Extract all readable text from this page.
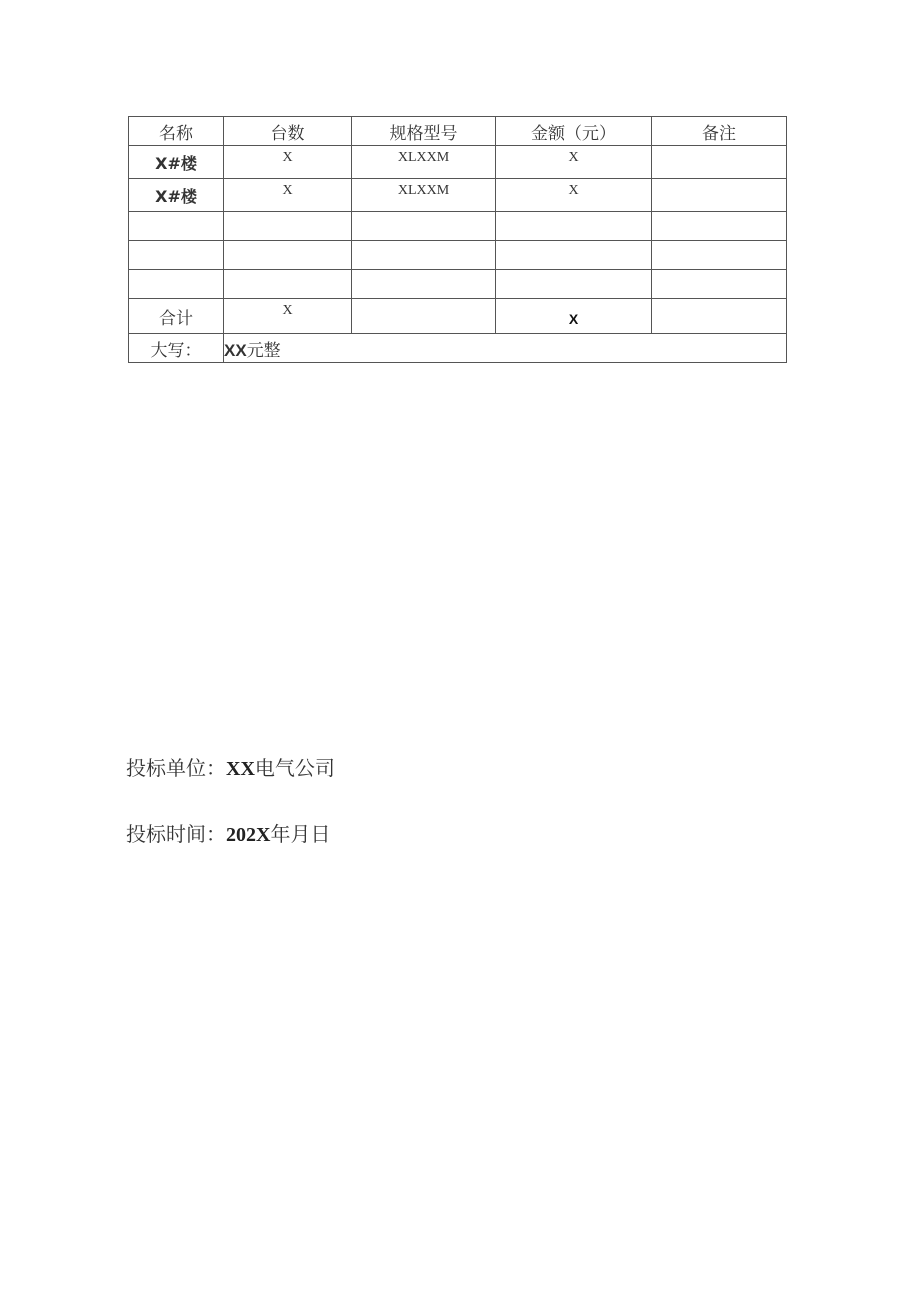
名称	台数	规格型号	金额（元）	备注
X#楼	X	XLXXM	X	
X#楼	X	XLXXM	X	

合计	X		X	
大写：	XX元整			
投标单位：XX电气公司
投标时间：202X年月日
